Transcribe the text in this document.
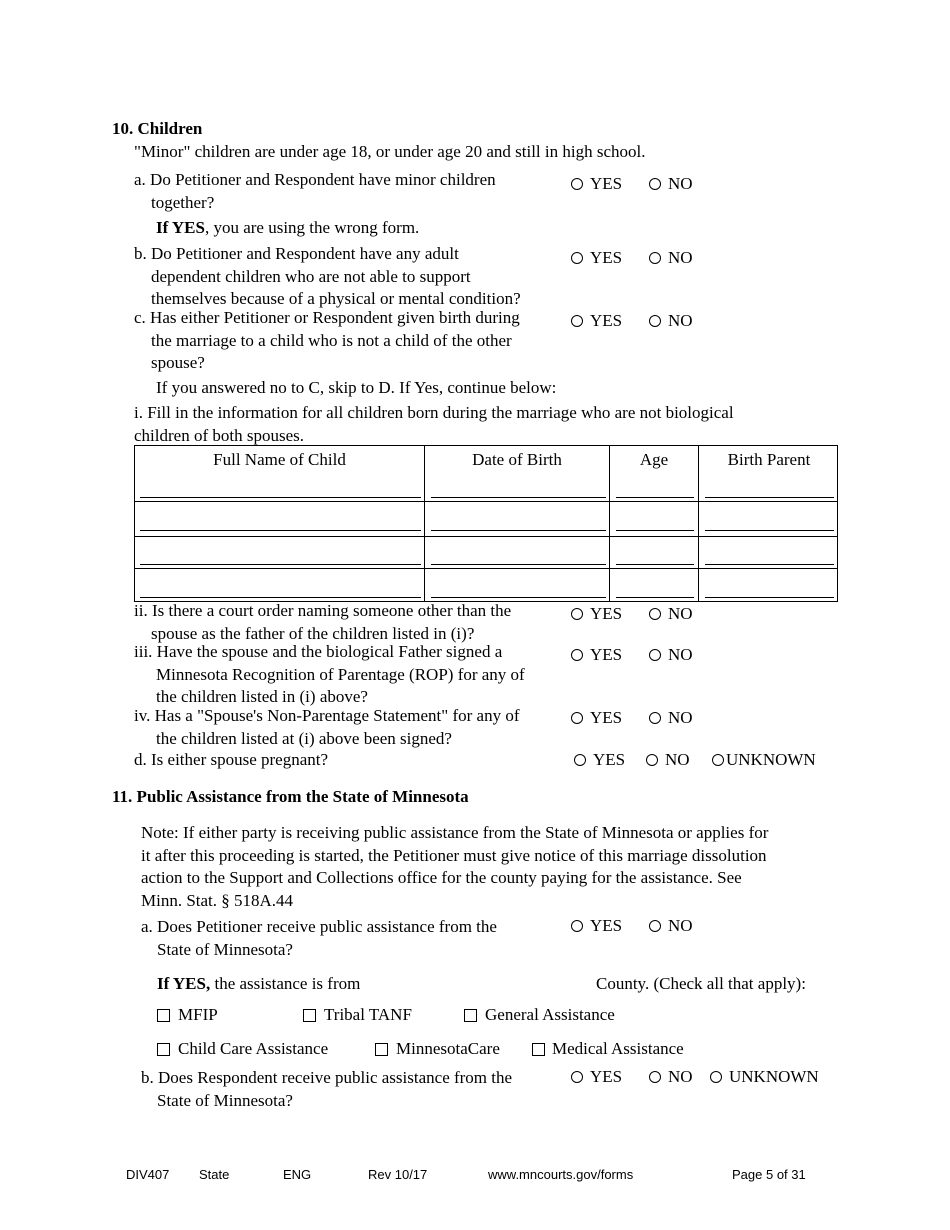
10. Children
"Minor" children are under age 18, or under age 20 and still in high school.
a. Do Petitioner and Respondent have minor children
together?
YES	NO
If YES, you are using the wrong form.
b. Do Petitioner and Respondent have any adult
dependent children who are not able to support
themselves because of a physical or mental condition?
YES	NO
c. Has either Petitioner or Respondent given birth during
the marriage to a child who is not a child of the other
spouse?
YES	NO
If you answered no to C, skip to D. If Yes, continue below:
i. Fill in the information for all children born during the marriage who are not biological
children of both spouses.
Full Name of Child	Date of Birth	Age	Birth Parent
ii. Is there a court order naming someone other than the
spouse as the father of the children listed in (i)?
YES	NO
iii. Have the spouse and the biological Father signed a
Minnesota Recognition of Parentage (ROP) for any of
the children listed in (i) above?
YES	NO
iv. Has a "Spouse's Non-Parentage Statement" for any of
the children listed at (i) above been signed?
YES	NO
d. Is either spouse pregnant?	YES NO UNKNOWN
11. Public Assistance from the State of Minnesota
Note: If either party is receiving public assistance from the State of Minnesota or applies for
it after this proceeding is started, the Petitioner must give notice of this marriage dissolution
action to the Support and Collections office for the county paying for the assistance. See
Minn. Stat. § 518A.44
a. Does Petitioner receive public assistance from the
State of Minnesota?
YES	NO
If YES, the assistance is from	County. (Check all that apply):
MFIP	Tribal TANF	General Assistance
Child Care Assistance	MinnesotaCare	Medical Assistance
b. Does Respondent receive public assistance from the
State of Minnesota?
YES	NO UNKNOWN
DIV407 State	ENG	Rev 10/17	www.mncourts.gov/forms	Page 5 of 31
